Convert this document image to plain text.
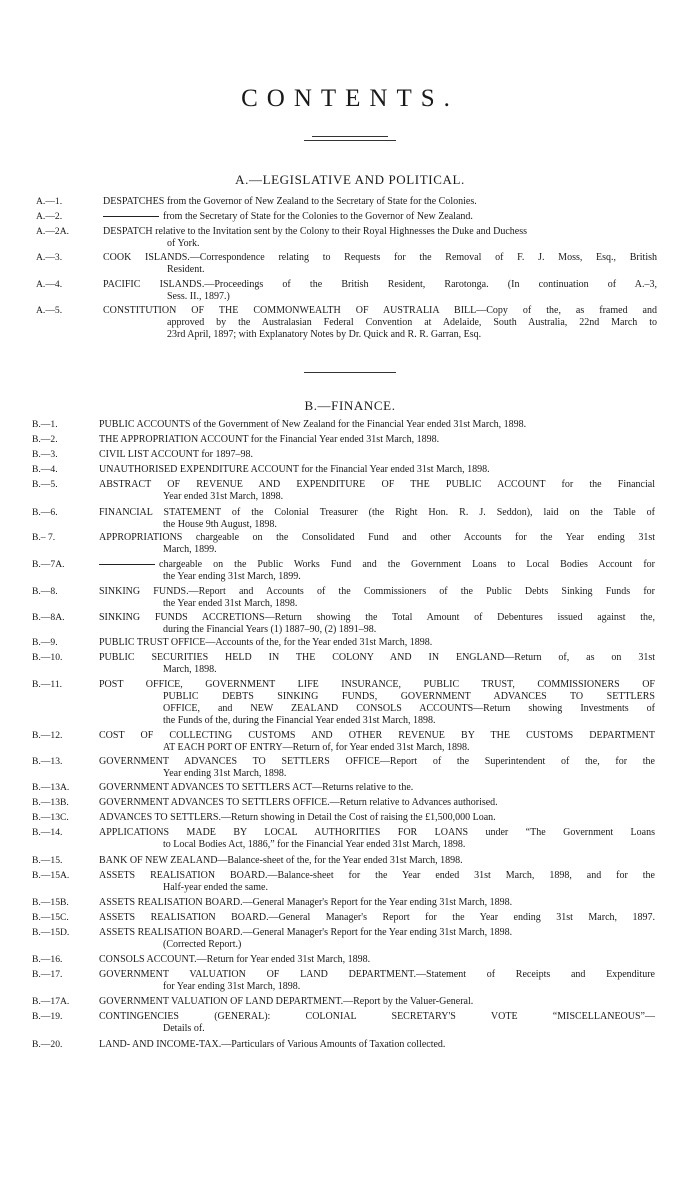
CONTENTS.
A.—LEGISLATIVE AND POLITICAL.
A.—1.	DESPATCHES from the Governor of New Zealand to the Secretary of State for the Colonies.
A.—2.	from the Secretary of State for the Colonies to the Governor of New Zealand.
A.—2A.	DESPATCH relative to the Invitation sent by the Colony to their Royal Highnesses the Duke and Duchess
of York.
A.—3.	COOK ISLANDS.—Correspondence relating to Requests for the Removal of F. J. Moss, Esq., British
Resident.
A.—4.	PACIFIC ISLANDS.—Proceedings of the British Resident, Rarotonga. (In continuation of A.–3,
Sess. II., 1897.)
A.—5.	CONSTITUTION OF THE COMMONWEALTH OF AUSTRALIA BILL—Copy of the, as framed and
approved by the Australasian Federal Convention at Adelaide, South Australia, 22nd March to
23rd April, 1897; with Explanatory Notes by Dr. Quick and R. R. Garran, Esq.
B.—FINANCE.
B.—1.	PUBLIC ACCOUNTS of the Government of New Zealand for the Financial Year ended 31st March, 1898.
B.—2.	THE APPROPRIATION ACCOUNT for the Financial Year ended 31st March, 1898.
B.—3.	CIVIL LIST ACCOUNT for 1897–98.
B.—4.	UNAUTHORISED EXPENDITURE ACCOUNT for the Financial Year ended 31st March, 1898.
B.—5.	ABSTRACT OF REVENUE AND EXPENDITURE OF THE PUBLIC ACCOUNT for the Financial
Year ended 31st March, 1898.
B.—6.	FINANCIAL STATEMENT of the Colonial Treasurer (the Right Hon. R. J. Seddon), laid on the Table of
the House 9th August, 1898.
B.– 7.	APPROPRIATIONS chargeable on the Consolidated Fund and other Accounts for the Year ending 31st
March, 1899.
B.—7A.	chargeable on the Public Works Fund and the Government Loans to Local Bodies Account for
the Year ending 31st March, 1899.
B.—8.	SINKING FUNDS.—Report and Accounts of the Commissioners of the Public Debts Sinking Funds for
the Year ended 31st March, 1898.
B.—8A.	SINKING FUNDS ACCRETIONS—Return showing the Total Amount of Debentures issued against the,
during the Financial Years (1) 1887–90, (2) 1891–98.
B.—9.	PUBLIC TRUST OFFICE—Accounts of the, for the Year ended 31st March, 1898.
B.—10.	PUBLIC SECURITIES HELD IN THE COLONY AND IN ENGLAND—Return of, as on 31st
March, 1898.
B.—11.	POST OFFICE, GOVERNMENT LIFE INSURANCE, PUBLIC TRUST, COMMISSIONERS OF
PUBLIC DEBTS SINKING FUNDS, GOVERNMENT ADVANCES TO SETTLERS
OFFICE, and NEW ZEALAND CONSOLS ACCOUNTS—Return showing Investments of
the Funds of the, during the Financial Year ended 31st March, 1898.
B.—12.	COST OF COLLECTING CUSTOMS AND OTHER REVENUE BY THE CUSTOMS DEPARTMENT
AT EACH PORT OF ENTRY—Return of, for Year ended 31st March, 1898.
B.—13.	GOVERNMENT ADVANCES TO SETTLERS OFFICE—Report of the Superintendent of the, for the
Year ending 31st March, 1898.
B.—13A.	GOVERNMENT ADVANCES TO SETTLERS ACT—Returns relative to the.
B.—13B.	GOVERNMENT ADVANCES TO SETTLERS OFFICE.—Return relative to Advances authorised.
B.—13C.	ADVANCES TO SETTLERS.—Return showing in Detail the Cost of raising the £1,500,000 Loan.
B.—14.	APPLICATIONS MADE BY LOCAL AUTHORITIES FOR LOANS under “The Government Loans
to Local Bodies Act, 1886,” for the Financial Year ended 31st March, 1898.
B.—15.	BANK OF NEW ZEALAND—Balance-sheet of the, for the Year ended 31st March, 1898.
B.—15A.	ASSETS REALISATION BOARD.—Balance-sheet for the Year ended 31st March, 1898, and for the
Half-year ended the same.
B.—15B.	ASSETS REALISATION BOARD.—General Manager's Report for the Year ending 31st March, 1898.
B.—15C.	ASSETS REALISATION BOARD.—General Manager's Report for the Year ending 31st March, 1897.
B.—15D.	ASSETS REALISATION BOARD.—General Manager's Report for the Year ending 31st March, 1898.
(Corrected Report.)
B.—16.	CONSOLS ACCOUNT.—Return for Year ended 31st March, 1898.
B.—17.	GOVERNMENT VALUATION OF LAND DEPARTMENT.—Statement of Receipts and Expenditure
for Year ending 31st March, 1898.
B.—17A.	GOVERNMENT VALUATION OF LAND DEPARTMENT.—Report by the Valuer-General.
B.—19.	CONTINGENCIES (GENERAL): COLONIAL SECRETARY'S VOTE “MISCELLANEOUS”—
Details of.
B.—20.	LAND- AND INCOME-TAX.—Particulars of Various Amounts of Taxation collected.
